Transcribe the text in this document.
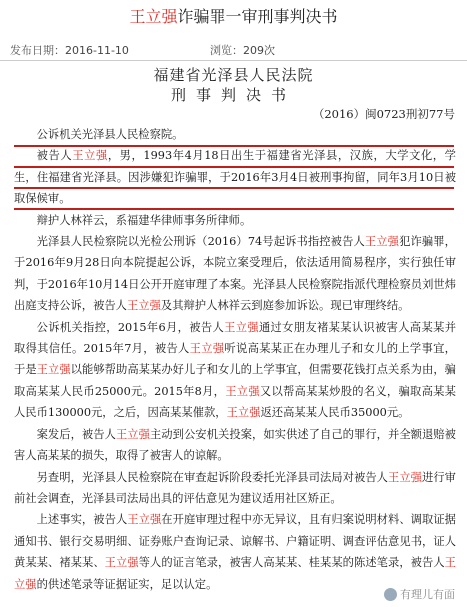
王立强诈骗罪一审刑事判决书
发布日期：2016-11-10	浏览：209次
福建省光泽县人民法院
刑事判决书
（2016）闽0723刑初77号

公诉机关光泽县人民检察院。

被告人王立强，男，1993年4月18日出生于福建省光泽县，汉族，大学文化，学生，住福建省光泽县。因涉嫌犯诈骗罪，于2016年3月4日被刑事拘留，同年3月10日被取保候审。

辩护人林祥云，系福建华律师事务所律师。

光泽县人民检察院以光检公刑诉（2016）74号起诉书指控被告人王立强犯诈骗罪，于2016年9月28日向本院提起公诉，本院立案受理后，依法适用简易程序，实行独任审判，于2016年10月14日公开开庭审理了本案。光泽县人民检察院指派代理检察员刘世炜出庭支持公诉，被告人王立强及其辩护人林祥云到庭参加诉讼。现已审理终结。

公诉机关指控，2015年6月，被告人王立强通过女朋友褚某某认识被害人高某某并取得其信任。2015年7月，被告人王立强听说高某某正在办理儿子和女儿的上学事宜，于是王立强以能够帮助高某某办好儿子和女儿的上学事宜，但需要花钱打点关系为由，骗取高某某人民币25000元。2015年8月，王立强又以帮高某某炒股的名义，骗取高某某人民币130000元，之后，因高某某催款，王立强返还高某某人民币35000元。

案发后，被告人王立强主动到公安机关投案，如实供述了自己的罪行，并全额退赔被害人高某某的损失，取得了被害人的谅解。

另查明，光泽县人民检察院在审查起诉阶段委托光泽县司法局对被告人王立强进行审前社会调查，光泽县司法局出具的评估意见为建议适用社区矫正。

上述事实，被告人王立强在开庭审理过程中亦无异议，且有归案说明材料、调取证据通知书、银行交易明细、证券账户查询记录、谅解书、户籍证明、调查评估意见书，证人黄某某、褚某某、王立强等人的证言笔录，被害人高某某、桂某某的陈述笔录，被告人王立强的供述笔录等证据证实，足以认定。

有理儿有面
